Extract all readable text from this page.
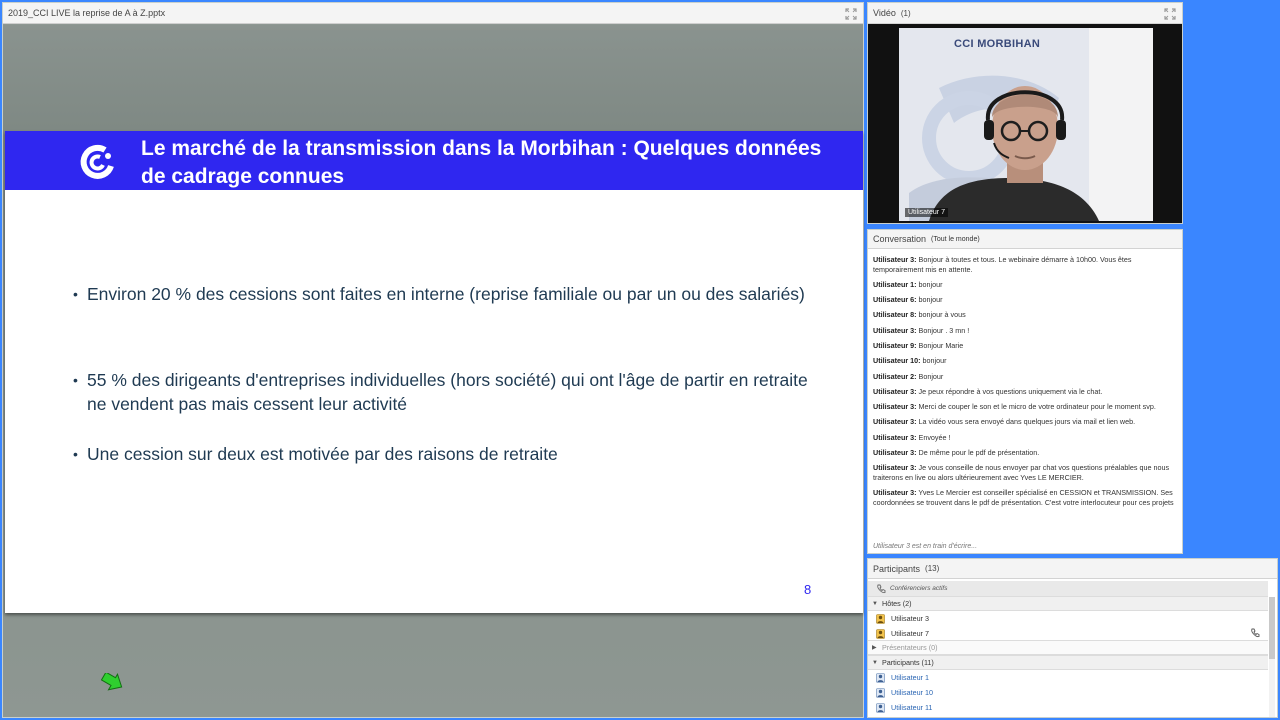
2019_CCI LIVE la reprise de A à Z.pptx
Le marché de la transmission dans la Morbihan : Quelques données de cadrage connues
• Environ 20 % des cessions sont faites en interne (reprise familiale ou par un ou des salariés)
• 55 % des dirigeants d'entreprises individuelles (hors société) qui ont l'âge de partir en retraite ne vendent pas mais cessent leur activité
• Une cession sur deux est motivée par des raisons de retraite
8
Vidéo (1)
CCI MORBIHAN
Utilisateur 7
Conversation (Tout le monde)
Utilisateur 3: Bonjour à toutes et tous. Le webinaire démarre à 10h00. Vous êtes temporairement mis en attente.
Utilisateur 1: bonjour
Utilisateur 6: bonjour
Utilisateur 8: bonjour à vous
Utilisateur 3: Bonjour . 3 mn !
Utilisateur 9: Bonjour Marie
Utilisateur 10: bonjour
Utilisateur 2: Bonjour
Utilisateur 3: Je peux répondre à vos questions uniquement via le chat.
Utilisateur 3: Merci de couper le son et le micro de votre ordinateur pour le moment svp.
Utilisateur 3: La vidéo vous sera envoyé dans quelques jours via mail et lien web.
Utilisateur 3: Envoyée !
Utilisateur 3: De même pour le pdf de présentation.
Utilisateur 3: Je vous conseille de nous envoyer par chat vos questions préalables que nous traiterons en live ou alors ultérieurement avec Yves LE MERCIER.
Utilisateur 3: Yves Le Mercier est conseiller spécialisé en CESSION et TRANSMISSION. Ses coordonnées se trouvent dans le pdf de présentation. C'est votre interlocuteur pour ces projets
Utilisateur 3 est en train d'écrire...
Participants (13)
Conférenciers actifs
▼ Hôtes (2)
Utilisateur 3
Utilisateur 7
▶ Présentateurs (0)
▼ Participants (11)
Utilisateur 1
Utilisateur 10
Utilisateur 11
